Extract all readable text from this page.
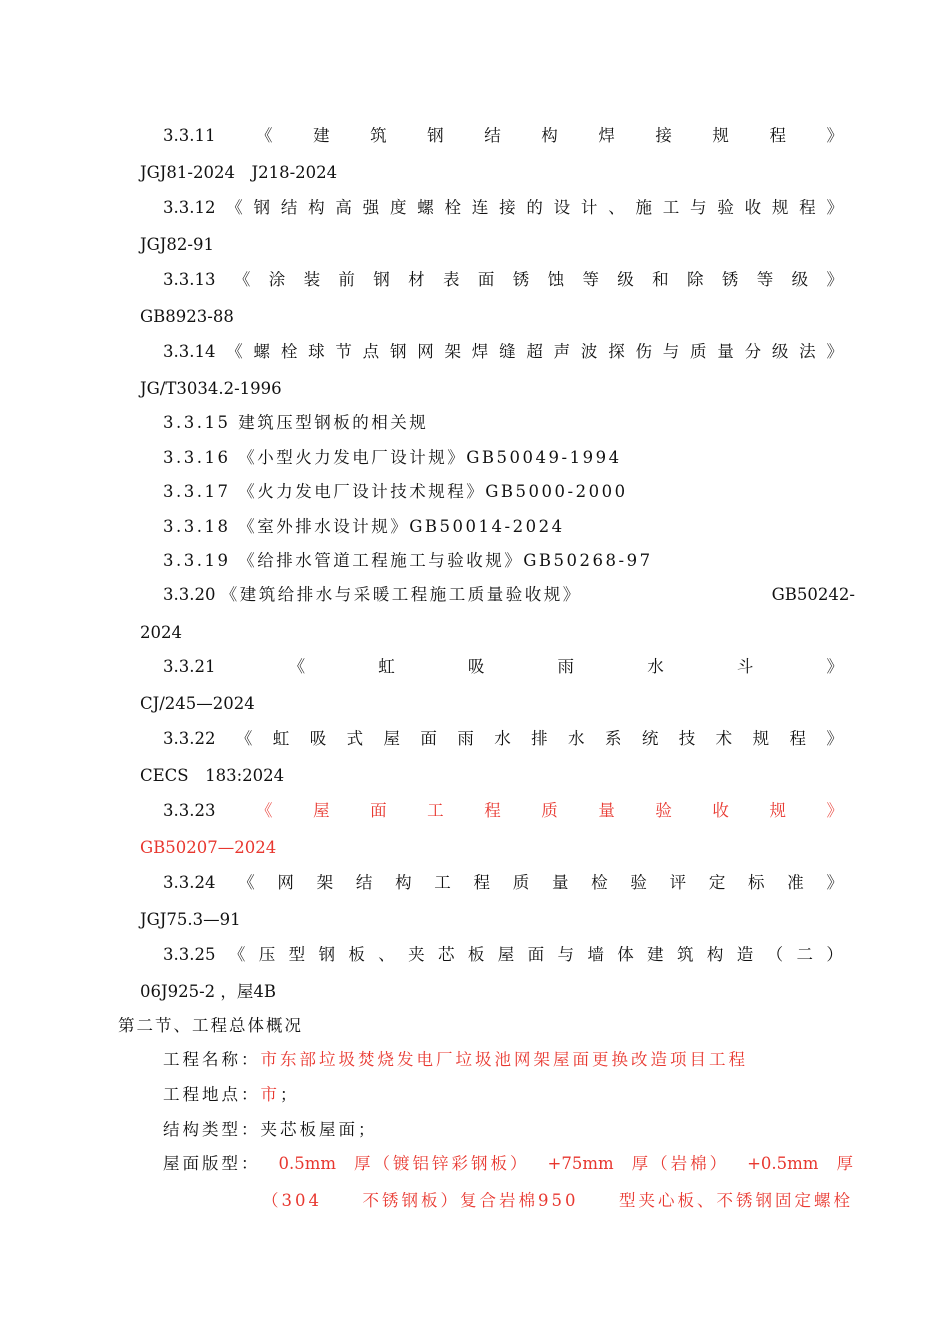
3.3.11 《 建 筑 钢 结 构 焊 接 规 程 》
JGJ81-2024　J218-2024
3.3.12 《 钢 结 构 高 强 度 螺 栓 连 接 的 设 计 、 施 工 与 验 收 规 程 》
JGJ82-91
3.3.13 《 涂 装 前 钢 材 表 面 锈 蚀 等 级 和 除 锈 等 级 》
GB8923-88
3.3.14 《 螺 栓 球 节 点 钢 网 架 焊 缝 超 声 波 探 伤 与 质 量 分 级 法 》
JG/T3034.2-1996
3.3.15 建筑压型钢板的相关规
3.3.16 《小型火力发电厂设计规》GB50049-1994
3.3.17 《火力发电厂设计技术规程》GB5000-2000
3.3.18 《室外排水设计规》GB50014-2024
3.3.19 《给排水管道工程施工与验收规》GB50268-97
3.3.20 《建筑给排水与采暖工程施工质量验收规》	GB50242-
2024
3.3.21	《	虹	吸	雨	水	斗	》
CJ/245—2024
3.3.22 《 虹 吸 式 屋 面 雨 水 排 水 系 统 技 术 规 程 》
CECS　183:2024
3.3.23 《 屋 面 工 程 质 量 验 收 规 》
GB50207—2024
3.3.24 《 网 架 结 构 工 程 质 量 检 验 评 定 标 准 》
JGJ75.3—91
3.3.25 《 压 型 钢 板 、 夹 芯 板 屋 面 与 墙 体 建 筑 构 造 （ 二 ）
06J925-2 ，屋4B
第二节、工程总体概况
工程名称：市东部垃圾焚烧发电厂垃圾池网架屋面更换改造项目工程
工程地点：市；
结构类型：夹芯板屋面；
屋面版型： 0.5mm 厚（镀铝锌彩钢板） +75mm 厚（岩棉） +0.5mm 厚
（304 不锈钢板）复合岩棉950 型夹心板、不锈钢固定螺栓
